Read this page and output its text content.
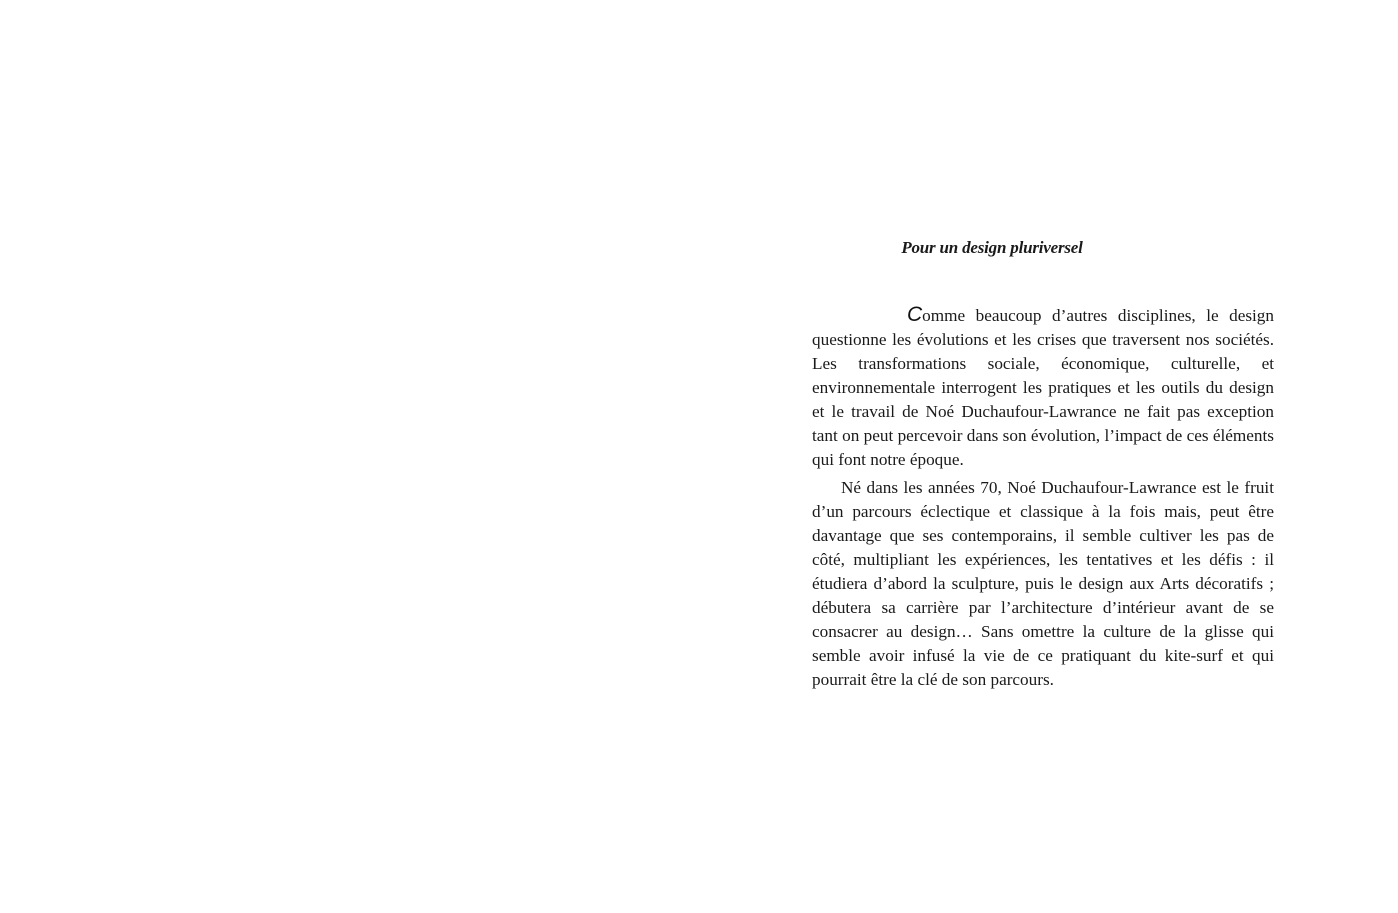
Pour un design pluriversel

Comme beaucoup d’autres disciplines, le design questionne les évolutions et les crises que traversent nos sociétés. Les transformations sociale, économique, culturelle, et environnementale interrogent les pratiques et les outils du design et le travail de Noé Duchaufour-Lawrance ne fait pas exception tant on peut percevoir dans son évolution, l’impact de ces éléments qui font notre époque.

Né dans les années 70, Noé Duchaufour-Lawrance est le fruit d’un parcours éclectique et classique à la fois mais, peut être davantage que ses contemporains, il semble cultiver les pas de côté, multipliant les expériences, les tentatives et les défis : il étudiera d’abord la sculpture, puis le design aux Arts décoratifs ; débutera sa carrière par l’architecture d’intérieur avant de se consacrer au design… Sans omettre la culture de la glisse qui semble avoir infusé la vie de ce pratiquant du kite-surf et qui pourrait être la clé de son parcours.
